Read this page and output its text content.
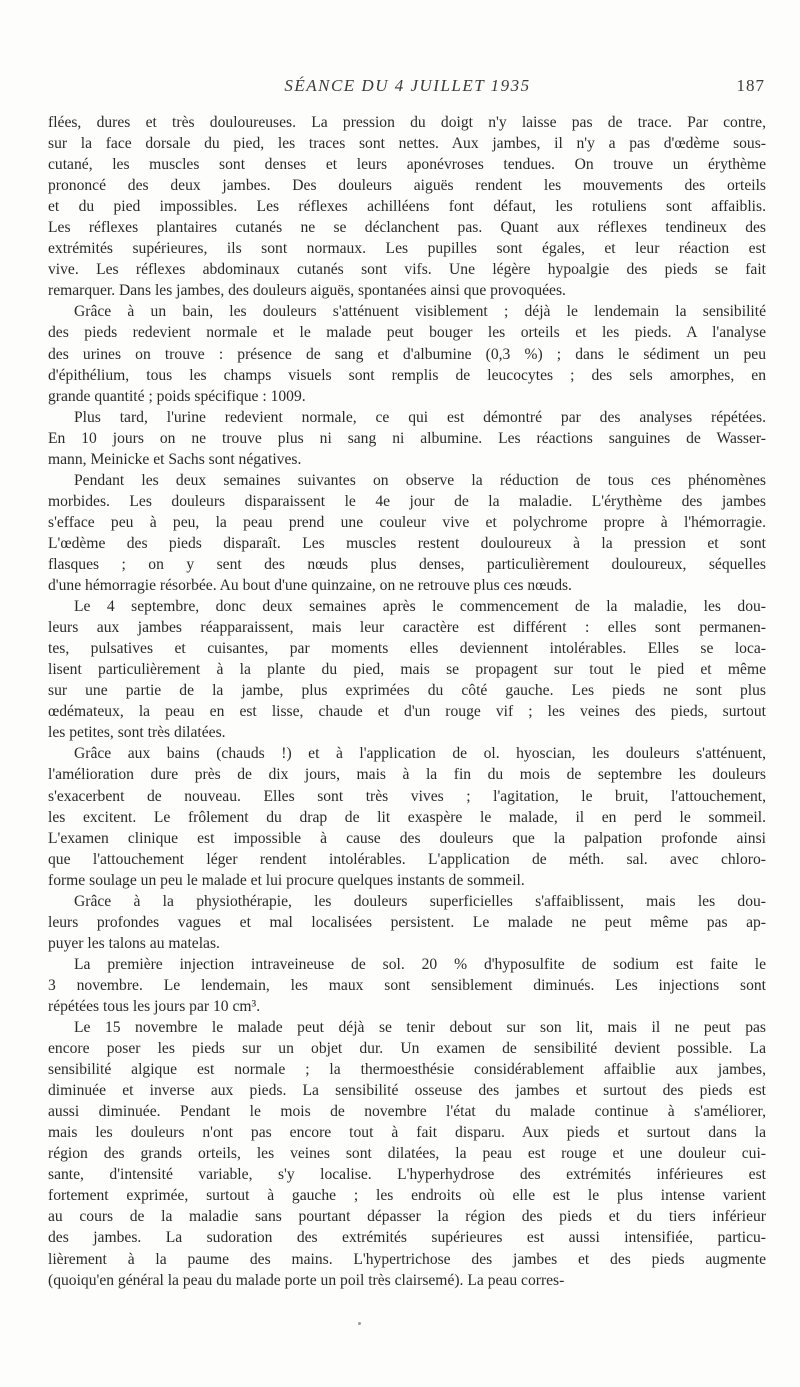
SÉANCE DU 4 JUILLET 1935	187
flées, dures et très douloureuses. La pression du doigt n'y laisse pas de trace. Par contre,
sur la face dorsale du pied, les traces sont nettes. Aux jambes, il n'y a pas d'œdème sous-
cutané, les muscles sont denses et leurs aponévroses tendues. On trouve un érythème
prononcé des deux jambes. Des douleurs aiguës rendent les mouvements des orteils
et du pied impossibles. Les réflexes achilléens font défaut, les rotuliens sont affaiblis.
Les réflexes plantaires cutanés ne se déclanchent pas. Quant aux réflexes tendineux des
extrémités supérieures, ils sont normaux. Les pupilles sont égales, et leur réaction est
vive. Les réflexes abdominaux cutanés sont vifs. Une légère hypoalgie des pieds se fait
remarquer. Dans les jambes, des douleurs aiguës, spontanées ainsi que provoquées.
Grâce à un bain, les douleurs s'atténuent visiblement ; déjà le lendemain la sensibilité
des pieds redevient normale et le malade peut bouger les orteils et les pieds. A l'analyse
des urines on trouve : présence de sang et d'albumine (0,3 %) ; dans le sédiment un peu
d'épithélium, tous les champs visuels sont remplis de leucocytes ; des sels amorphes, en
grande quantité ; poids spécifique : 1009.
Plus tard, l'urine redevient normale, ce qui est démontré par des analyses répétées.
En 10 jours on ne trouve plus ni sang ni albumine. Les réactions sanguines de Wasser-
mann, Meinicke et Sachs sont négatives.
Pendant les deux semaines suivantes on observe la réduction de tous ces phénomènes
morbides. Les douleurs disparaissent le 4e jour de la maladie. L'érythème des jambes
s'efface peu à peu, la peau prend une couleur vive et polychrome propre à l'hémorragie.
L'œdème des pieds disparaît. Les muscles restent douloureux à la pression et sont
flasques ; on y sent des nœuds plus denses, particulièrement douloureux, séquelles
d'une hémorragie résorbée. Au bout d'une quinzaine, on ne retrouve plus ces nœuds.
Le 4 septembre, donc deux semaines après le commencement de la maladie, les dou-
leurs aux jambes réapparaissent, mais leur caractère est différent : elles sont permanen-
tes, pulsatives et cuisantes, par moments elles deviennent intolérables. Elles se loca-
lisent particulièrement à la plante du pied, mais se propagent sur tout le pied et même
sur une partie de la jambe, plus exprimées du côté gauche. Les pieds ne sont plus
œdémateux, la peau en est lisse, chaude et d'un rouge vif ; les veines des pieds, surtout
les petites, sont très dilatées.
Grâce aux bains (chauds !) et à l'application de ol. hyoscian, les douleurs s'atténuent,
l'amélioration dure près de dix jours, mais à la fin du mois de septembre les douleurs
s'exacerbent de nouveau. Elles sont très vives ; l'agitation, le bruit, l'attouchement,
les excitent. Le frôlement du drap de lit exaspère le malade, il en perd le sommeil.
L'examen clinique est impossible à cause des douleurs que la palpation profonde ainsi
que l'attouchement léger rendent intolérables. L'application de méth. sal. avec chloro-
forme soulage un peu le malade et lui procure quelques instants de sommeil.
Grâce à la physiothérapie, les douleurs superficielles s'affaiblissent, mais les dou-
leurs profondes vagues et mal localisées persistent. Le malade ne peut même pas ap-
puyer les talons au matelas.
La première injection intraveineuse de sol. 20 % d'hyposulfite de sodium est faite le
3 novembre. Le lendemain, les maux sont sensiblement diminués. Les injections sont
répétées tous les jours par 10 cm³.
Le 15 novembre le malade peut déjà se tenir debout sur son lit, mais il ne peut pas
encore poser les pieds sur un objet dur. Un examen de sensibilité devient possible. La
sensibilité algique est normale ; la thermoesthésie considérablement affaiblie aux jambes,
diminuée et inverse aux pieds. La sensibilité osseuse des jambes et surtout des pieds est
aussi diminuée. Pendant le mois de novembre l'état du malade continue à s'améliorer,
mais les douleurs n'ont pas encore tout à fait disparu. Aux pieds et surtout dans la
région des grands orteils, les veines sont dilatées, la peau est rouge et une douleur cui-
sante, d'intensité variable, s'y localise. L'hyperhydrose des extrémités inférieures est
fortement exprimée, surtout à gauche ; les endroits où elle est le plus intense varient
au cours de la maladie sans pourtant dépasser la région des pieds et du tiers inférieur
des jambes. La sudoration des extrémités supérieures est aussi intensifiée, particu-
lièrement à la paume des mains. L'hypertrichose des jambes et des pieds augmente
(quoiqu'en général la peau du malade porte un poil très clairsemé). La peau corres-
